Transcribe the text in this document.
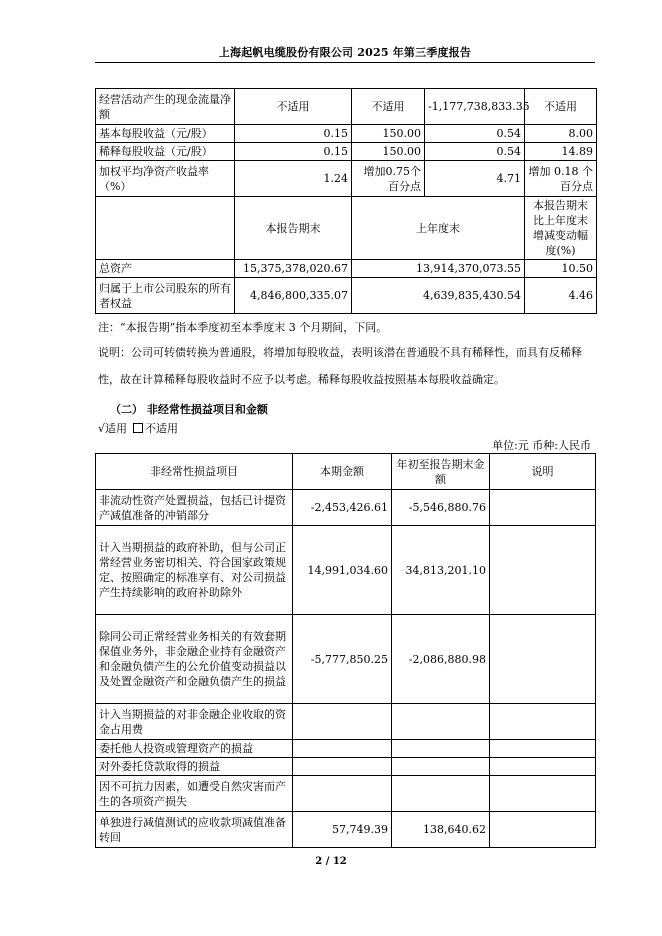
上海起帆电缆股份有限公司 2025 年第三季度报告
经营活动产生的现金流量净额	不适用	不适用	-1,177,738,833.35	不适用
基本每股收益（元/股）	0.15	150.00	0.54	8.00
稀释每股收益（元/股）	0.15	150.00	0.54	14.89
加权平均净资产收益率（%）	1.24	增加0.75个百分点	4.71	增加 0.18 个百分点
	本报告期末	上年度末		本报告期末比上年度末增减变动幅度(%)
总资产	15,375,378,020.67	13,914,370,073.55		10.50
归属于上市公司股东的所有者权益	4,846,800,335.07	4,639,835,430.54		4.46
注：“本报告期”指本季度初至本季度末 3 个月期间，下同。
说明：公司可转债转换为普通股，将增加每股收益，表明该潜在普通股不具有稀释性，而具有反稀释性，故在计算稀释每股收益时不应予以考虑。稀释每股收益按照基本每股收益确定。
（二） 非经常性损益项目和金额
√适用 不适用
单位:元 币种:人民币
非经常性损益项目	本期金额	年初至报告期末金额	说明
非流动性资产处置损益，包括已计提资产减值准备的冲销部分	-2,453,426.61	-5,546,880.76	
计入当期损益的政府补助，但与公司正常经营业务密切相关、符合国家政策规定、按照确定的标准享有、对公司损益产生持续影响的政府补助除外	14,991,034.60	34,813,201.10	
除同公司正常经营业务相关的有效套期保值业务外，非金融企业持有金融资产和金融负债产生的公允价值变动损益以及处置金融资产和金融负债产生的损益	-5,777,850.25	-2,086,880.98	
计入当期损益的对非金融企业收取的资金占用费			
委托他人投资或管理资产的损益			
对外委托贷款取得的损益			
因不可抗力因素，如遭受自然灾害而产生的各项资产损失			
单独进行减值测试的应收款项减值准备转回	57,749.39	138,640.62	
2 / 12
